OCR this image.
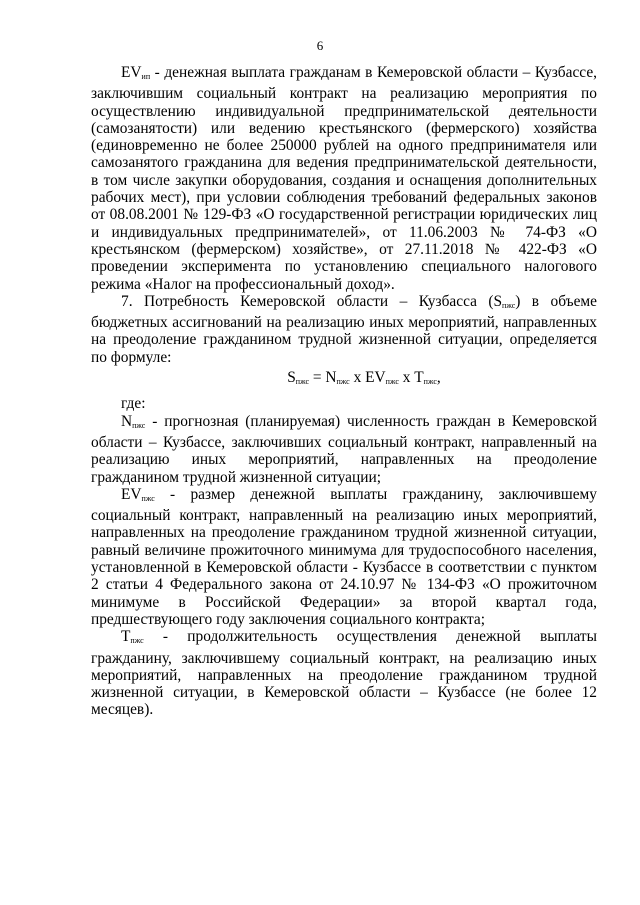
6

$EV_{ип}$ - денежная выплата гражданам в Кемеровской области – Кузбассе, заключившим социальный контракт на реализацию мероприятия по осуществлению индивидуальной предпринимательской деятельности (самозанятости) или ведению крестьянского (фермерского) хозяйства (единовременно не более 250000 рублей на одного предпринимателя или самозанятого гражданина для ведения предпринимательской деятельности, в том числе закупки оборудования, создания и оснащения дополнительных рабочих мест), при условии соблюдения требований федеральных законов от 08.08.2001 № 129-ФЗ «О государственной регистрации юридических лиц и индивидуальных предпринимателей», от 11.06.2003 № 74-ФЗ «О крестьянском (фермерском) хозяйстве», от 27.11.2018 № 422-ФЗ «О проведении эксперимента по установлению специального налогового режима «Налог на профессиональный доход».

7. Потребность Кемеровской области – Кузбасса $(S_{пжс})$ в объеме бюджетных ассигнований на реализацию иных мероприятий, направленных на преодоление гражданином трудной жизненной ситуации, определяется по формуле:

$S_{пжс} = N_{пжс}$ х $EV_{пжс}$ х $T_{пжс}$,

где:

$N_{пжс}$ - прогнозная (планируемая) численность граждан в Кемеровской области – Кузбассе, заключивших социальный контракт, направленный на реализацию иных мероприятий, направленных на преодоление гражданином трудной жизненной ситуации;

$EV_{пжс}$ - размер денежной выплаты гражданину, заключившему социальный контракт, направленный на реализацию иных мероприятий, направленных на преодоление гражданином трудной жизненной ситуации, равный величине прожиточного минимума для трудоспособного населения, установленной в Кемеровской области - Кузбассе в соответствии с пунктом 2 статьи 4 Федерального закона от 24.10.97 № 134-ФЗ «О прожиточном минимуме в Российской Федерации» за второй квартал года, предшествующего году заключения социального контракта;

$T_{пжс}$ - продолжительность осуществления денежной выплаты гражданину, заключившему социальный контракт, на реализацию иных мероприятий, направленных на преодоление гражданином трудной жизненной ситуации, в Кемеровской области – Кузбассе (не более 12 месяцев).
